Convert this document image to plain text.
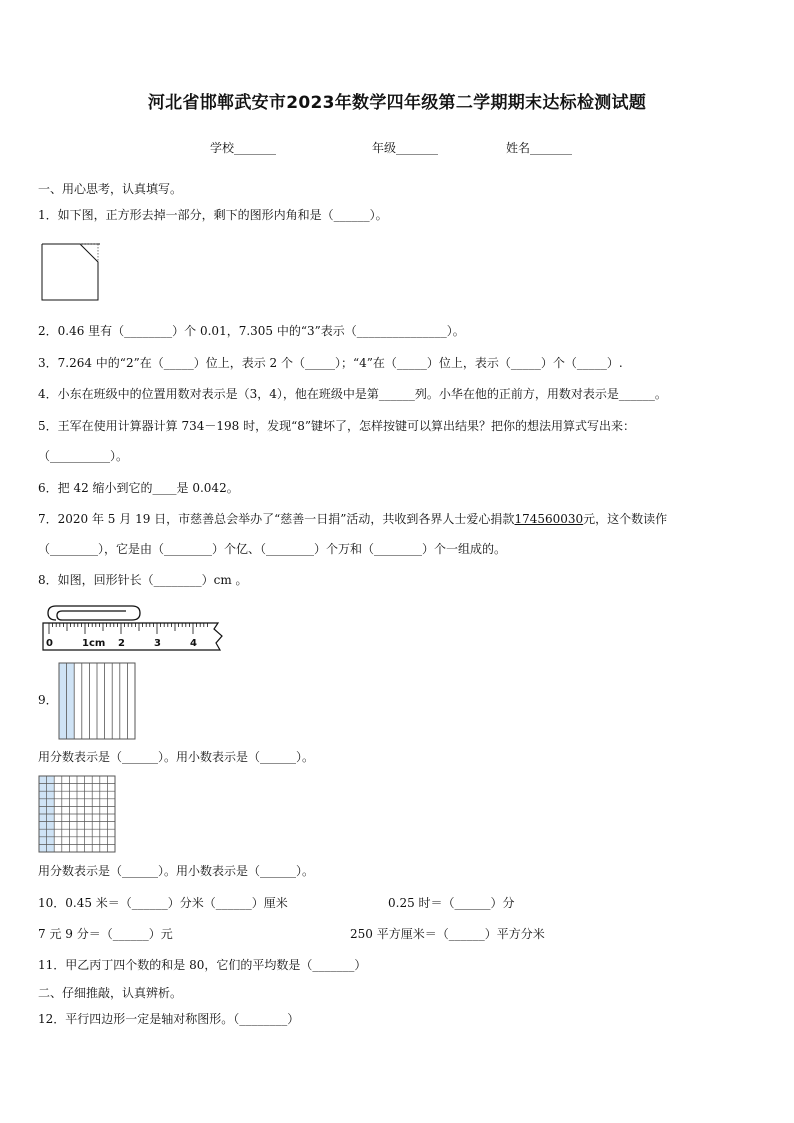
河北省邯郸武安市2023年数学四年级第二学期期末达标检测试题
学校_______	年级_______	姓名_______
一、用心思考，认真填写。
1．如下图，正方形去掉一部分，剩下的图形内角和是（______）。
2．0.46 里有（________）个 0.01，7.305 中的“3”表示（_______________）。
3．7.264 中的“2”在（_____）位上，表示 2 个（_____）；“4”在（_____）位上，表示（_____）个（_____）.
4．小东在班级中的位置用数对表示是（3，4），他在班级中是第______列。小华在他的正前方，用数对表示是______。
5．王军在使用计算器计算 734－198 时，发现“8”键坏了，怎样按键可以算出结果？把你的想法用算式写出来：
（__________）。
6．把 42 缩小到它的____是 0.042。
7．2020 年 5 月 19 日，市慈善总会举办了“慈善一日捐”活动，共收到各界人士爱心捐款174560030元，这个数读作
（________），它是由（________）个亿、（________）个万和（________）个一组成的。
8．如图，回形针长（________）cm 。
0	1cm 2	3	4
9．
用分数表示是（______）。用小数表示是（______）。
用分数表示是（______）。用小数表示是（______）。
10．0.45 米＝（______）分米（______）厘米	0.25 时＝（______）分
7 元 9 分＝（______）元	250 平方厘米＝（______）平方分米
11．甲乙丙丁四个数的和是 80，它们的平均数是（_______）
二、仔细推敲，认真辨析。
12．平行四边形一定是轴对称图形。（________）
